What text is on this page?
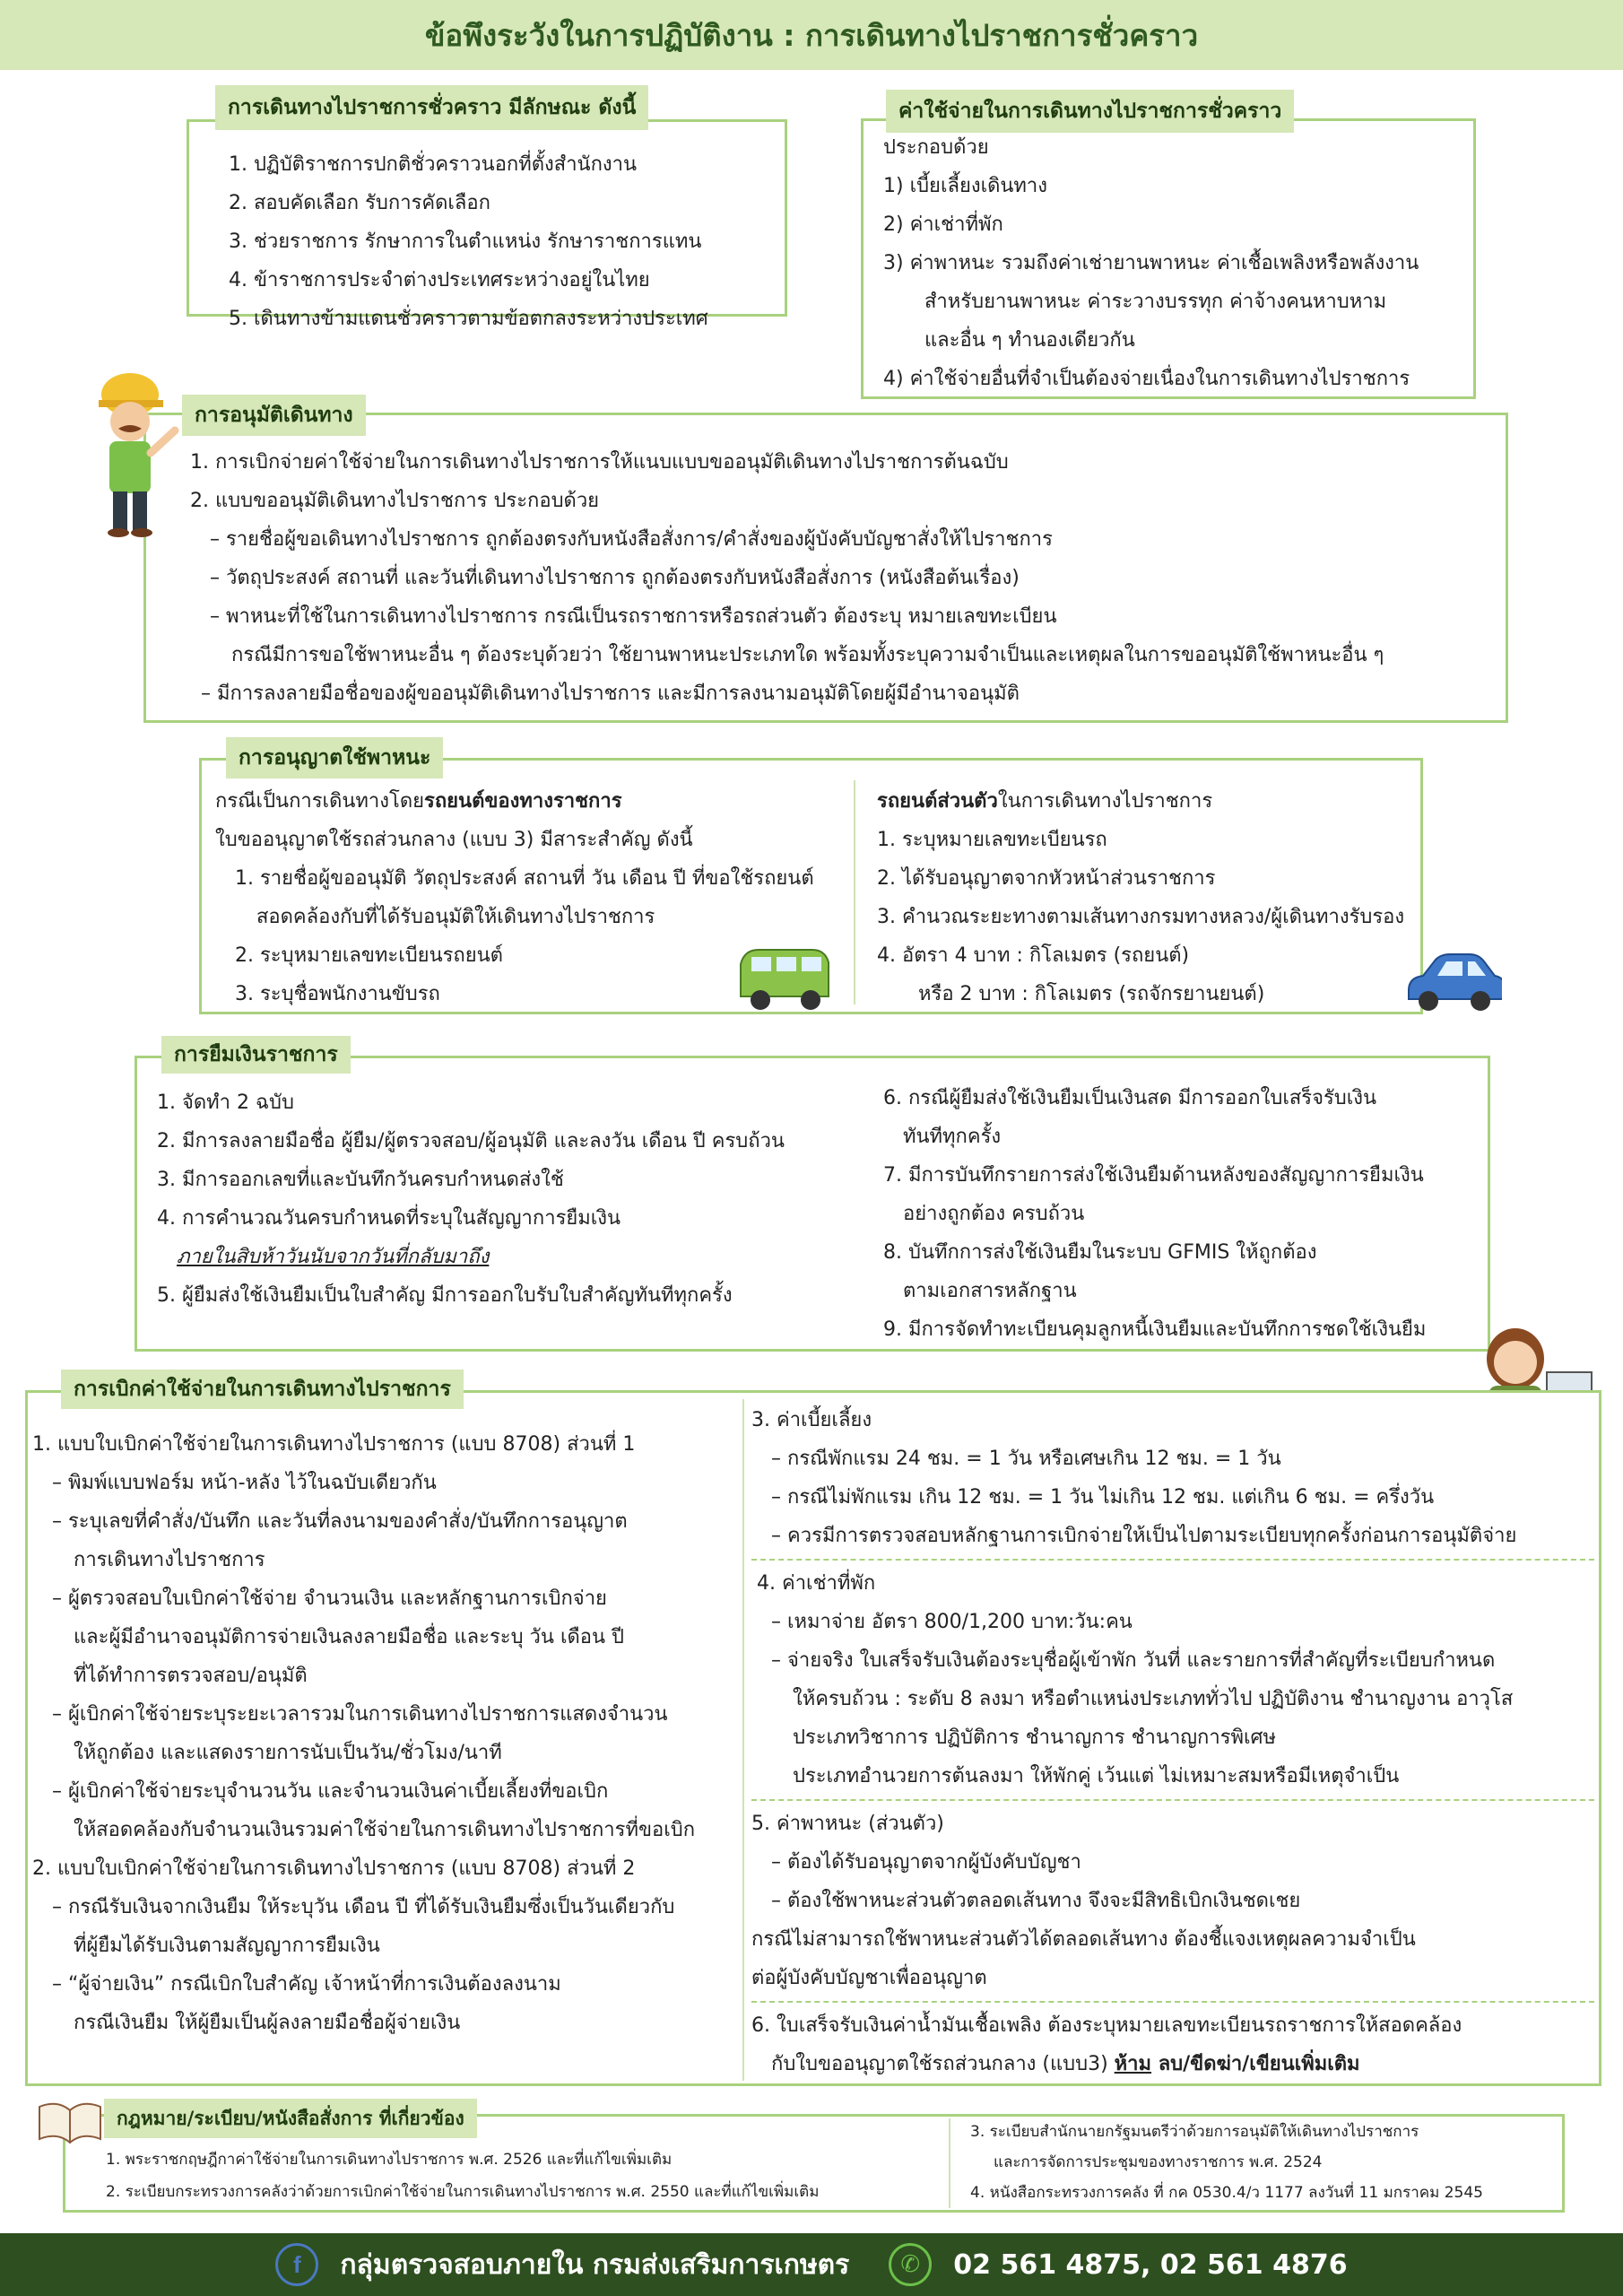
ข้อพึงระวังในการปฏิบัติงาน : การเดินทางไปราชการชั่วคราว
การเดินทางไปราชการชั่วคราว มีลักษณะ ดังนี้
1. ปฏิบัติราชการปกติชั่วคราวนอกที่ตั้งสำนักงาน
2. สอบคัดเลือก รับการคัดเลือก
3. ช่วยราชการ รักษาการในตำแหน่ง รักษาราชการแทน
4. ข้าราชการประจำต่างประเทศระหว่างอยู่ในไทย
5. เดินทางข้ามแดนชั่วคราวตามข้อตกลงระหว่างประเทศ
ค่าใช้จ่ายในการเดินทางไปราชการชั่วคราว
ประกอบด้วย
1) เบี้ยเลี้ยงเดินทาง
2) ค่าเช่าที่พัก
3) ค่าพาหนะ รวมถึงค่าเช่ายานพาหนะ ค่าเชื้อเพลิงหรือพลังงาน
สำหรับยานพาหนะ ค่าระวางบรรทุก ค่าจ้างคนหาบหาม
และอื่น ๆ ทำนองเดียวกัน
4) ค่าใช้จ่ายอื่นที่จำเป็นต้องจ่ายเนื่องในการเดินทางไปราชการ
การอนุมัติเดินทาง
1. การเบิกจ่ายค่าใช้จ่ายในการเดินทางไปราชการให้แนบแบบขออนุมัติเดินทางไปราชการต้นฉบับ
2. แบบขออนุมัติเดินทางไปราชการ ประกอบด้วย
– รายชื่อผู้ขอเดินทางไปราชการ ถูกต้องตรงกับหนังสือสั่งการ/คำสั่งของผู้บังคับบัญชาสั่งให้ไปราชการ
– วัตถุประสงค์ สถานที่ และวันที่เดินทางไปราชการ ถูกต้องตรงกับหนังสือสั่งการ (หนังสือต้นเรื่อง)
– พาหนะที่ใช้ในการเดินทางไปราชการ กรณีเป็นรถราชการหรือรถส่วนตัว ต้องระบุ หมายเลขทะเบียน
กรณีมีการขอใช้พาหนะอื่น ๆ ต้องระบุด้วยว่า ใช้ยานพาหนะประเภทใด พร้อมทั้งระบุความจำเป็นและเหตุผลในการขออนุมัติใช้พาหนะอื่น ๆ
– มีการลงลายมือชื่อของผู้ขออนุมัติเดินทางไปราชการ และมีการลงนามอนุมัติโดยผู้มีอำนาจอนุมัติ
การอนุญาตใช้พาหนะ
กรณีเป็นการเดินทางโดยรถยนต์ของทางราชการ
ใบขออนุญาตใช้รถส่วนกลาง (แบบ 3) มีสาระสำคัญ ดังนี้
1. รายชื่อผู้ขออนุมัติ วัตถุประสงค์ สถานที่ วัน เดือน ปี ที่ขอใช้รถยนต์
สอดคล้องกับที่ได้รับอนุมัติให้เดินทางไปราชการ
2. ระบุหมายเลขทะเบียนรถยนต์
3. ระบุชื่อพนักงานขับรถ
รถยนต์ส่วนตัวในการเดินทางไปราชการ
1. ระบุหมายเลขทะเบียนรถ
2. ได้รับอนุญาตจากหัวหน้าส่วนราชการ
3. คำนวณระยะทางตามเส้นทางกรมทางหลวง/ผู้เดินทางรับรอง
4. อัตรา 4 บาท : กิโลเมตร (รถยนต์)
หรือ 2 บาท : กิโลเมตร (รถจักรยานยนต์)
การยืมเงินราชการ
1. จัดทำ 2 ฉบับ
2. มีการลงลายมือชื่อ ผู้ยืม/ผู้ตรวจสอบ/ผู้อนุมัติ และลงวัน เดือน ปี ครบถ้วน
3. มีการออกเลขที่และบันทึกวันครบกำหนดส่งใช้
4. การคำนวณวันครบกำหนดที่ระบุในสัญญาการยืมเงิน
ภายในสิบห้าวันนับจากวันที่กลับมาถึง
5. ผู้ยืมส่งใช้เงินยืมเป็นใบสำคัญ มีการออกใบรับใบสำคัญทันทีทุกครั้ง
6. กรณีผู้ยืมส่งใช้เงินยืมเป็นเงินสด มีการออกใบเสร็จรับเงิน
ทันทีทุกครั้ง
7. มีการบันทึกรายการส่งใช้เงินยืมด้านหลังของสัญญาการยืมเงิน
อย่างถูกต้อง ครบถ้วน
8. บันทึกการส่งใช้เงินยืมในระบบ GFMIS ให้ถูกต้อง
ตามเอกสารหลักฐาน
9. มีการจัดทำทะเบียนคุมลูกหนี้เงินยืมและบันทึกการชดใช้เงินยืม
การเบิกค่าใช้จ่ายในการเดินทางไปราชการ
1. แบบใบเบิกค่าใช้จ่ายในการเดินทางไปราชการ (แบบ 8708) ส่วนที่ 1
– พิมพ์แบบฟอร์ม หน้า-หลัง ไว้ในฉบับเดียวกัน
– ระบุเลขที่คำสั่ง/บันทึก และวันที่ลงนามของคำสั่ง/บันทึกการอนุญาต
การเดินทางไปราชการ
– ผู้ตรวจสอบใบเบิกค่าใช้จ่าย จำนวนเงิน และหลักฐานการเบิกจ่าย
และผู้มีอำนาจอนุมัติการจ่ายเงินลงลายมือชื่อ และระบุ วัน เดือน ปี
ที่ได้ทำการตรวจสอบ/อนุมัติ
– ผู้เบิกค่าใช้จ่ายระบุระยะเวลารวมในการเดินทางไปราชการแสดงจำนวน
ให้ถูกต้อง และแสดงรายการนับเป็นวัน/ชั่วโมง/นาที
– ผู้เบิกค่าใช้จ่ายระบุจำนวนวัน และจำนวนเงินค่าเบี้ยเลี้ยงที่ขอเบิก
ให้สอดคล้องกับจำนวนเงินรวมค่าใช้จ่ายในการเดินทางไปราชการที่ขอเบิก
2. แบบใบเบิกค่าใช้จ่ายในการเดินทางไปราชการ (แบบ 8708) ส่วนที่ 2
– กรณีรับเงินจากเงินยืม ให้ระบุวัน เดือน ปี ที่ได้รับเงินยืมซึ่งเป็นวันเดียวกับ
ที่ผู้ยืมได้รับเงินตามสัญญาการยืมเงิน
– “ผู้จ่ายเงิน” กรณีเบิกใบสำคัญ เจ้าหน้าที่การเงินต้องลงนาม
กรณีเงินยืม ให้ผู้ยืมเป็นผู้ลงลายมือชื่อผู้จ่ายเงิน
3. ค่าเบี้ยเลี้ยง
– กรณีพักแรม 24 ชม. = 1 วัน หรือเศษเกิน 12 ชม. = 1 วัน
– กรณีไม่พักแรม เกิน 12 ชม. = 1 วัน ไม่เกิน 12 ชม. แต่เกิน 6 ชม. = ครึ่งวัน
– ควรมีการตรวจสอบหลักฐานการเบิกจ่ายให้เป็นไปตามระเบียบทุกครั้งก่อนการอนุมัติจ่าย
4. ค่าเช่าที่พัก
– เหมาจ่าย อัตรา 800/1,200 บาท:วัน:คน
– จ่ายจริง ใบเสร็จรับเงินต้องระบุชื่อผู้เข้าพัก วันที่ และรายการที่สำคัญที่ระเบียบกำหนด
ให้ครบถ้วน : ระดับ 8 ลงมา หรือตำแหน่งประเภททั่วไป ปฏิบัติงาน ชำนาญงาน อาวุโส
ประเภทวิชาการ ปฏิบัติการ ชำนาญการ ชำนาญการพิเศษ
ประเภทอำนวยการต้นลงมา ให้พักคู่ เว้นแต่ ไม่เหมาะสมหรือมีเหตุจำเป็น
5. ค่าพาหนะ (ส่วนตัว)
– ต้องได้รับอนุญาตจากผู้บังคับบัญชา
– ต้องใช้พาหนะส่วนตัวตลอดเส้นทาง จึงจะมีสิทธิเบิกเงินชดเชย
กรณีไม่สามารถใช้พาหนะส่วนตัวได้ตลอดเส้นทาง ต้องชี้แจงเหตุผลความจำเป็น
ต่อผู้บังคับบัญชาเพื่ออนุญาต
6. ใบเสร็จรับเงินค่าน้ำมันเชื้อเพลิง ต้องระบุหมายเลขทะเบียนรถราชการให้สอดคล้อง
กับใบขออนุญาตใช้รถส่วนกลาง (แบบ3) ห้าม ลบ/ขีดฆ่า/เขียนเพิ่มเติม
กฎหมาย/ระเบียบ/หนังสือสั่งการ ที่เกี่ยวข้อง
1. พระราชกฤษฎีกาค่าใช้จ่ายในการเดินทางไปราชการ พ.ศ. 2526 และที่แก้ไขเพิ่มเติม
2. ระเบียบกระทรวงการคลังว่าด้วยการเบิกค่าใช้จ่ายในการเดินทางไปราชการ พ.ศ. 2550 และที่แก้ไขเพิ่มเติม
3. ระเบียบสำนักนายกรัฐมนตรีว่าด้วยการอนุมัติให้เดินทางไปราชการ
และการจัดการประชุมของทางราชการ พ.ศ. 2524
4. หนังสือกระทรวงการคลัง ที่ กค 0530.4/ว 1177 ลงวันที่ 11 มกราคม 2545
f	กลุ่มตรวจสอบภายใน กรมส่งเสริมการเกษตร	✆	02 561 4875, 02 561 4876
